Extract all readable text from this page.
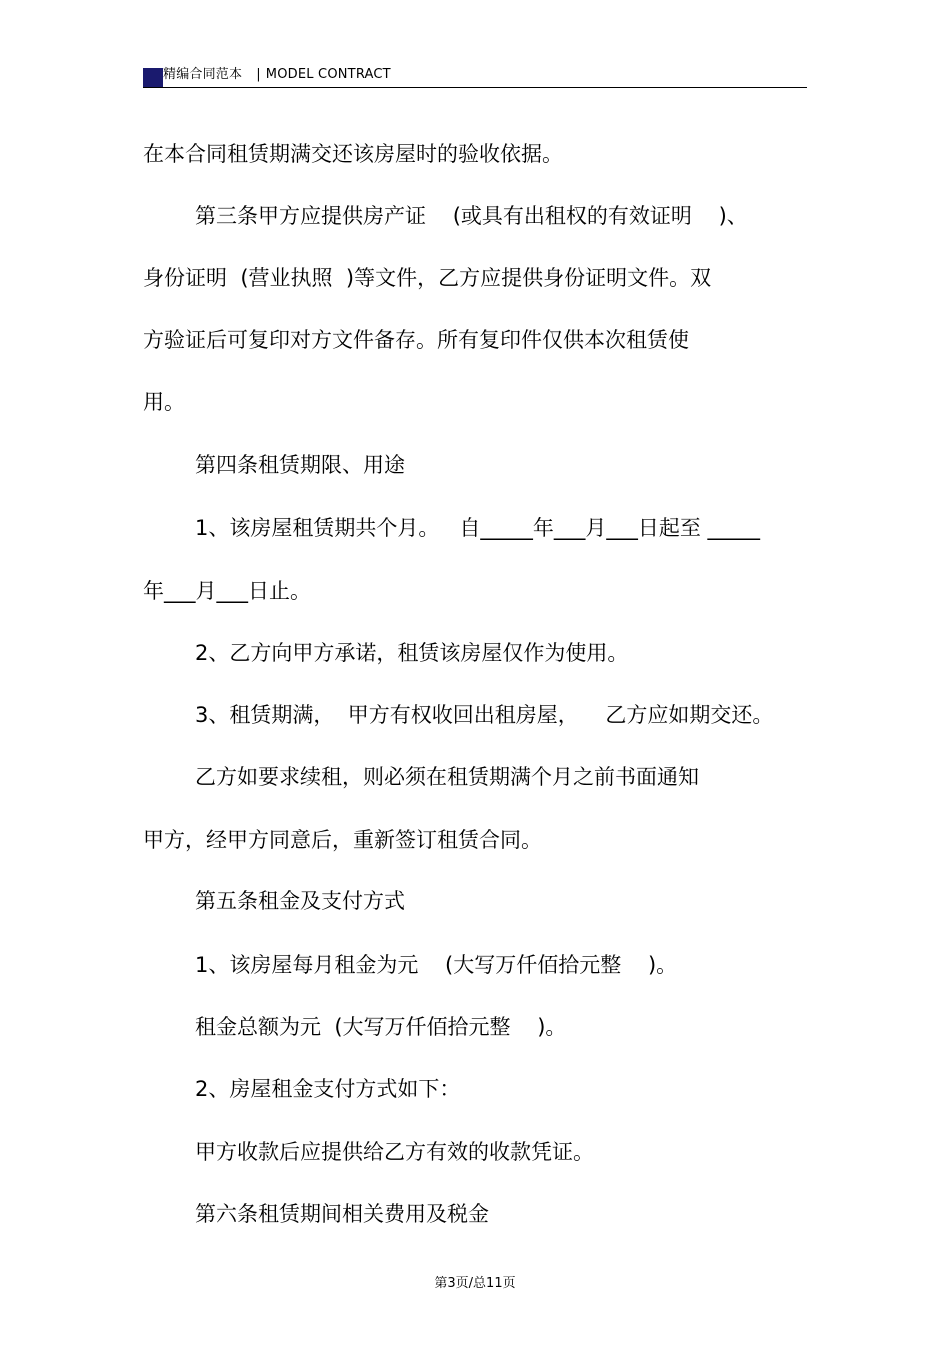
精编合同范本 | MODEL CONTRACT
在本合同租赁期满交还该房屋时的验收依据。
第三条甲方应提供房产证    (或具有出租权的有效证明    )、
身份证明  (营业执照  )等文件，乙方应提供身份证明文件。双
方验证后可复印对方文件备存。所有复印件仅供本次租赁使
用。
第四条租赁期限、用途
1、该房屋租赁期共个月。   自_____年___月___日起至 _____
年___月___日止。
2、乙方向甲方承诺，租赁该房屋仅作为使用。
3、租赁期满，  甲方有权收回出租房屋，    乙方应如期交还。
乙方如要求续租，则必须在租赁期满个月之前书面通知
甲方，经甲方同意后，重新签订租赁合同。
第五条租金及支付方式
1、该房屋每月租金为元    (大写万仟佰拾元整    )。
租金总额为元  (大写万仟佰拾元整    )。
2、房屋租金支付方式如下：
甲方收款后应提供给乙方有效的收款凭证。
第六条租赁期间相关费用及税金
第3页/总11页
